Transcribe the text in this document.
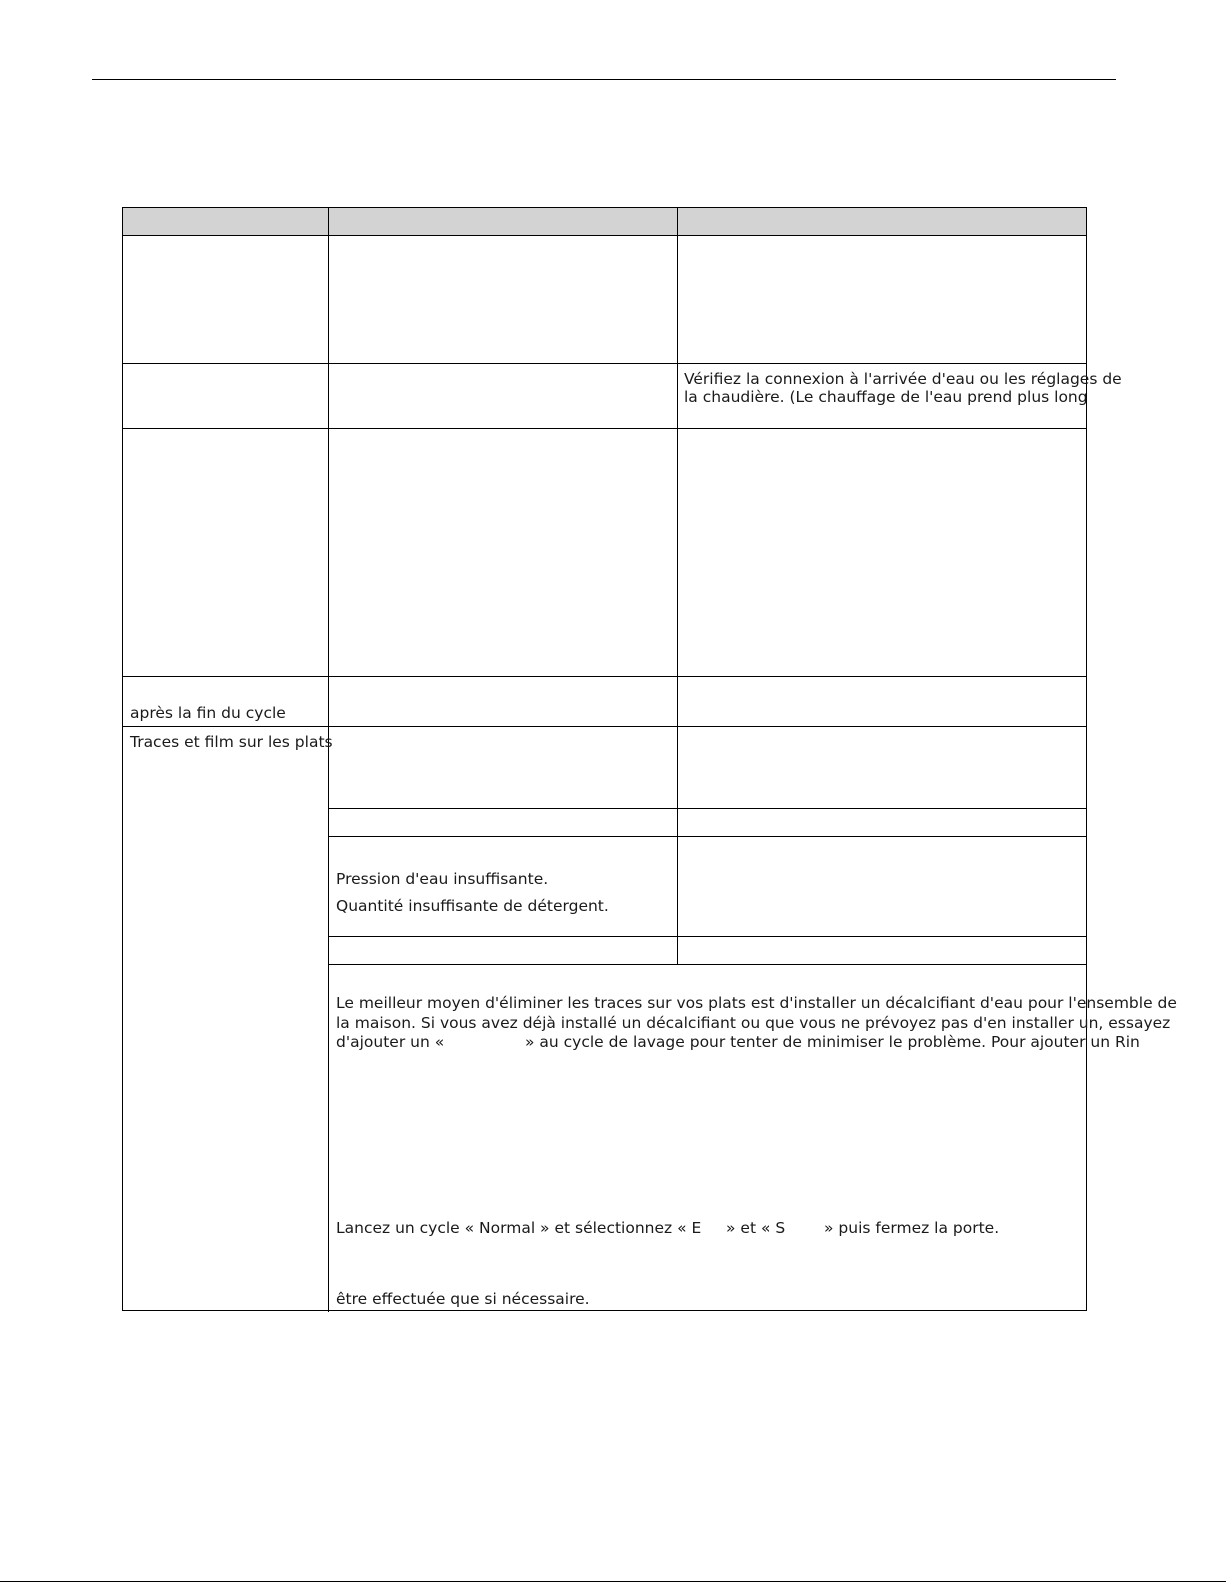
Vérifiez la connexion à l'arrivée d'eau ou les réglages de
la chaudière. (Le chauffage de l'eau prend plus long
après la fin du cycle
Traces et film sur les plats
Pression d'eau insuffisante.
Quantité insuffisante de détergent.
Le meilleur moyen d'éliminer les traces sur vos plats est d'installer un décalcifiant d'eau pour l'ensemble de
la maison. Si vous avez déjà installé un décalcifiant ou que vous ne prévoyez pas d'en installer un, essayez
d'ajouter un «	» au cycle de lavage pour tenter de minimiser le problème. Pour ajouter un Rin
Lancez un cycle « Normal » et sélectionnez « E » et « S	» puis fermez la porte.
être effectuée que si nécessaire.
